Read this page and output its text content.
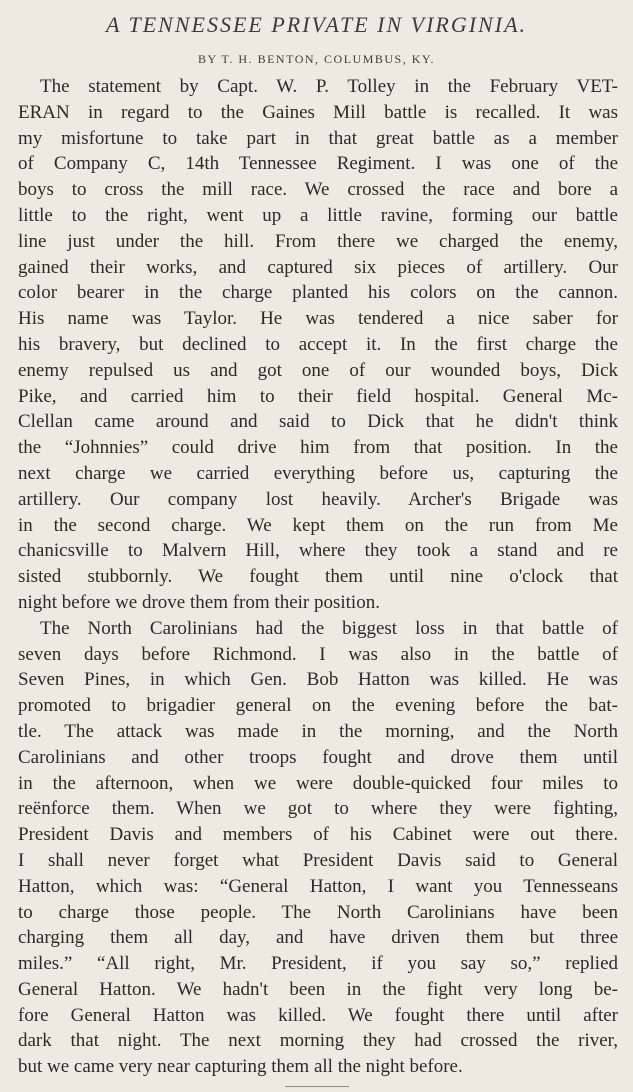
A TENNESSEE PRIVATE IN VIRGINIA.
BY T. H. BENTON, COLUMBUS, KY.
The statement by Capt. W. P. Tolley in the February VET-
ERAN in regard to the Gaines Mill battle is recalled. It was
my misfortune to take part in that great battle as a member
of Company C, 14th Tennessee Regiment. I was one of the
boys to cross the mill race. We crossed the race and bore a
little to the right, went up a little ravine, forming our battle
line just under the hill. From there we charged the enemy,
gained their works, and captured six pieces of artillery. Our
color bearer in the charge planted his colors on the cannon.
His name was Taylor. He was tendered a nice saber for
his bravery, but declined to accept it. In the first charge the
enemy repulsed us and got one of our wounded boys, Dick
Pike, and carried him to their field hospital. General Mc-
Clellan came around and said to Dick that he didn't think
the “Johnnies” could drive him from that position. In the
next charge we carried everything before us, capturing the
artillery. Our company lost heavily. Archer's Brigade was
in the second charge. We kept them on the run from Me
chanicsville to Malvern Hill, where they took a stand and re
sisted stubbornly. We fought them until nine o'clock that
night before we drove them from their position.
The North Carolinians had the biggest loss in that battle of
seven days before Richmond. I was also in the battle of
Seven Pines, in which Gen. Bob Hatton was killed. He was
promoted to brigadier general on the evening before the bat-
tle. The attack was made in the morning, and the North
Carolinians and other troops fought and drove them until
in the afternoon, when we were double-quicked four miles to
reënforce them. When we got to where they were fighting,
President Davis and members of his Cabinet were out there.
I shall never forget what President Davis said to General
Hatton, which was: “General Hatton, I want you Tennesseans
to charge those people. The North Carolinians have been
charging them all day, and have driven them but three
miles.” “All right, Mr. President, if you say so,” replied
General Hatton. We hadn't been in the fight very long be-
fore General Hatton was killed. We fought there until after
dark that night. The next morning they had crossed the river,
but we came very near capturing them all the night before.
